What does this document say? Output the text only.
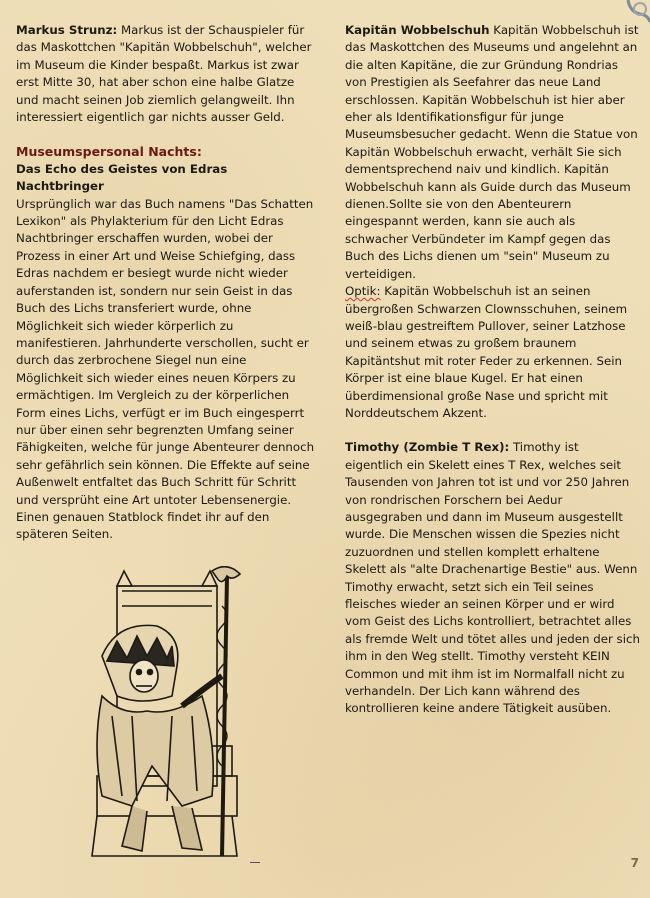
Markus Strunz: Markus ist der Schauspieler für das Maskottchen "Kapitän Wobbelschuh", welcher im Museum die Kinder bespaßt. Markus ist zwar erst Mitte 30, hat aber schon eine halbe Glatze und macht seinen Job ziemlich gelangweilt. Ihn interessiert eigentlich gar nichts ausser Geld.

Museumspersonal Nachts:

Das Echo des Geistes von Edras Nachtbringer

Ursprünglich war das Buch namens "Das Schatten Lexikon" als Phylakterium für den Licht Edras Nachtbringer erschaffen wurden, wobei der Prozess in einer Art und Weise Schiefging, dass Edras nachdem er besiegt wurde nicht wieder auferstanden ist, sondern nur sein Geist in das Buch des Lichs transferiert wurde, ohne Möglichkeit sich wieder körperlich zu manifestieren. Jahrhunderte verschollen, sucht er durch das zerbrochene Siegel nun eine Möglichkeit sich wieder eines neuen Körpers zu ermächtigen. Im Vergleich zu der körperlichen Form eines Lichs, verfügt er im Buch eingesperrt nur über einen sehr begrenzten Umfang seiner Fähigkeiten, welche für junge Abenteurer dennoch sehr gefährlich sein können. Die Effekte auf seine Außenwelt entfaltet das Buch Schritt für Schritt und versprüht eine Art untoter Lebensenergie. Einen genauen Statblock findet ihr auf den späteren Seiten.

Kapitän Wobbelschuh Kapitän Wobbelschuh ist das Maskottchen des Museums und angelehnt an die alten Kapitäne, die zur Gründung Rondrias von Prestigien als Seefahrer das neue Land erschlossen. Kapitän Wobbelschuh ist hier aber eher als Identifikationsfigur für junge Museumsbesucher gedacht. Wenn die Statue von Kapitän Wobbelschuh erwacht, verhält Sie sich dementsprechend naiv und kindlich. Kapitän Wobbelschuh kann als Guide durch das Museum dienen.Sollte sie von den Abenteurern eingespannt werden, kann sie auch als schwacher Verbündeter im Kampf gegen das Buch des Lichs dienen um "sein" Museum zu verteidigen.

Optik: Kapitän Wobbelschuh ist an seinen übergroßen Schwarzen Clownsschuhen, seinem weiß-blau gestreiftem Pullover, seiner Latzhose und seinem etwas zu großem braunem Kapitäntshut mit roter Feder zu erkennen. Sein Körper ist eine blaue Kugel. Er hat einen überdimensional große Nase und spricht mit Norddeutschem Akzent.

Timothy (Zombie T Rex): Timothy ist eigentlich ein Skelett eines T Rex, welches seit Tausenden von Jahren tot ist und vor 250 Jahren von rondrischen Forschern bei Aedur ausgegraben und dann im Museum ausgestellt wurde. Die Menschen wissen die Spezies nicht zuzuordnen und stellen komplett erhaltene Skelett als "alte Drachenartige Bestie" aus. Wenn Timothy erwacht, setzt sich ein Teil seines fleisches wieder an seinen Körper und er wird vom Geist des Lichs kontrolliert, betrachtet alles als fremde Welt und tötet alles und jeden der sich ihm in den Weg stellt. Timothy versteht KEIN Common und mit ihm ist im Normalfall nicht zu verhandeln. Der Lich kann während des kontrollieren keine andere Tätigkeit ausüben.

7
